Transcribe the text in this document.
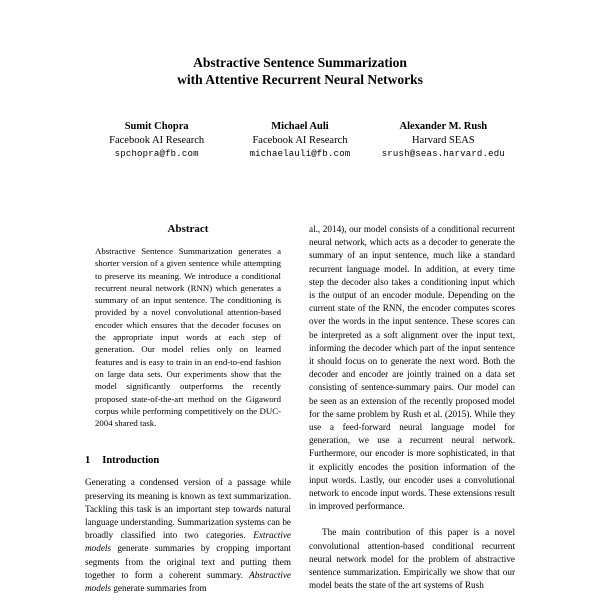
Abstractive Sentence Summarization
with Attentive Recurrent Neural Networks
Sumit Chopra
Facebook AI Research
spchopra@fb.com
Michael Auli
Facebook AI Research
michaelauli@fb.com
Alexander M. Rush
Harvard SEAS
srush@seas.harvard.edu
Abstract

Abstractive Sentence Summarization generates a shorter version of a given sentence while attempting to preserve its meaning. We introduce a conditional recurrent neural network (RNN) which generates a summary of an input sentence. The conditioning is provided by a novel convolutional attention-based encoder which ensures that the decoder focuses on the appropriate input words at each step of generation. Our model relies only on learned features and is easy to train in an end-to-end fashion on large data sets. Our experiments show that the model significantly outperforms the recently proposed state-of-the-art method on the Gigaword corpus while performing competitively on the DUC-2004 shared task.

1 Introduction

Generating a condensed version of a passage while preserving its meaning is known as text summarization. Tackling this task is an important step towards natural language understanding. Summarization systems can be broadly classified into two categories. Extractive models generate summaries by cropping important segments from the original text and putting them together to form a coherent summary. Abstractive models generate summaries from

al., 2014), our model consists of a conditional recurrent neural network, which acts as a decoder to generate the summary of an input sentence, much like a standard recurrent language model. In addition, at every time step the decoder also takes a conditioning input which is the output of an encoder module. Depending on the current state of the RNN, the encoder computes scores over the words in the input sentence. These scores can be interpreted as a soft alignment over the input text, informing the decoder which part of the input sentence it should focus on to generate the next word. Both the decoder and encoder are jointly trained on a data set consisting of sentence-summary pairs. Our model can be seen as an extension of the recently proposed model for the same problem by Rush et al. (2015). While they use a feed-forward neural language model for generation, we use a recurrent neural network. Furthermore, our encoder is more sophisticated, in that it explicitly encodes the position information of the input words. Lastly, our encoder uses a convolutional network to encode input words. These extensions result in improved performance.

The main contribution of this paper is a novel convolutional attention-based conditional recurrent neural network model for the problem of abstractive sentence summarization. Empirically we show that our model beats the state of the art systems of Rush
